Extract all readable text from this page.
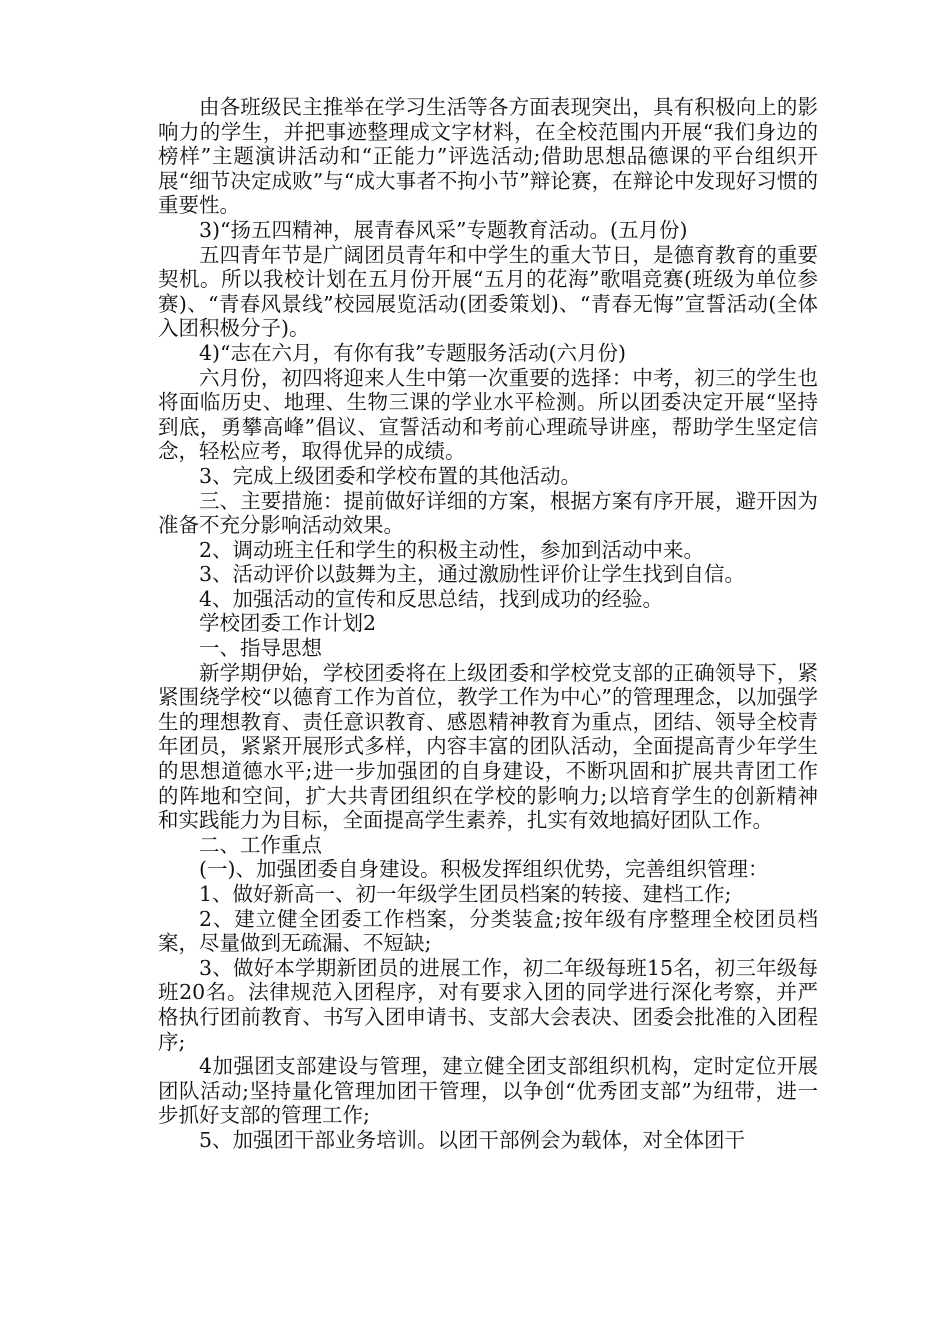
由各班级民主推举在学习生活等各方面表现突出，具有积极向上的影响力的学生，并把事迹整理成文字材料，在全校范围内开展“我们身边的榜样”主题演讲活动和“正能力”评选活动;借助思想品德课的平台组织开展“细节决定成败”与“成大事者不拘小节”辩论赛，在辩论中发现好习惯的重要性。

3)“扬五四精神，展青春风采”专题教育活动。(五月份)

五四青年节是广阔团员青年和中学生的重大节日，是德育教育的重要契机。所以我校计划在五月份开展“五月的花海”歌唱竞赛(班级为单位参赛)、“青春风景线”校园展览活动(团委策划)、“青春无悔”宣誓活动(全体入团积极分子)。

4)“志在六月，有你有我”专题服务活动(六月份)

六月份，初四将迎来人生中第一次重要的选择：中考，初三的学生也将面临历史、地理、生物三课的学业水平检测。所以团委决定开展“坚持到底，勇攀高峰”倡议、宣誓活动和考前心理疏导讲座，帮助学生坚定信念，轻松应考，取得优异的成绩。

3、完成上级团委和学校布置的其他活动。

三、主要措施：提前做好详细的方案，根据方案有序开展，避开因为准备不充分影响活动效果。

2、调动班主任和学生的积极主动性，参加到活动中来。

3、活动评价以鼓舞为主，通过激励性评价让学生找到自信。

4、加强活动的宣传和反思总结，找到成功的经验。

学校团委工作计划2

一、指导思想

新学期伊始，学校团委将在上级团委和学校党支部的正确领导下，紧紧围绕学校“以德育工作为首位，教学工作为中心”的管理理念，以加强学生的理想教育、责任意识教育、感恩精神教育为重点，团结、领导全校青年团员，紧紧开展形式多样，内容丰富的团队活动，全面提高青少年学生的思想道德水平;进一步加强团的自身建设，不断巩固和扩展共青团工作的阵地和空间，扩大共青团组织在学校的影响力;以培育学生的创新精神和实践能力为目标，全面提高学生素养，扎实有效地搞好团队工作。

二、工作重点

(一)、加强团委自身建设。积极发挥组织优势，完善组织管理：

1、做好新高一、初一年级学生团员档案的转接、建档工作;

2、建立健全团委工作档案，分类装盒;按年级有序整理全校团员档案，尽量做到无疏漏、不短缺;

3、做好本学期新团员的进展工作，初二年级每班15名，初三年级每班20名。法律规范入团程序，对有要求入团的同学进行深化考察，并严格执行团前教育、书写入团申请书、支部大会表决、团委会批准的入团程序;

4加强团支部建设与管理，建立健全团支部组织机构，定时定位开展团队活动;坚持量化管理加团干管理，以争创“优秀团支部”为纽带，进一步抓好支部的管理工作;

5、加强团干部业务培训。以团干部例会为载体，对全体团干
